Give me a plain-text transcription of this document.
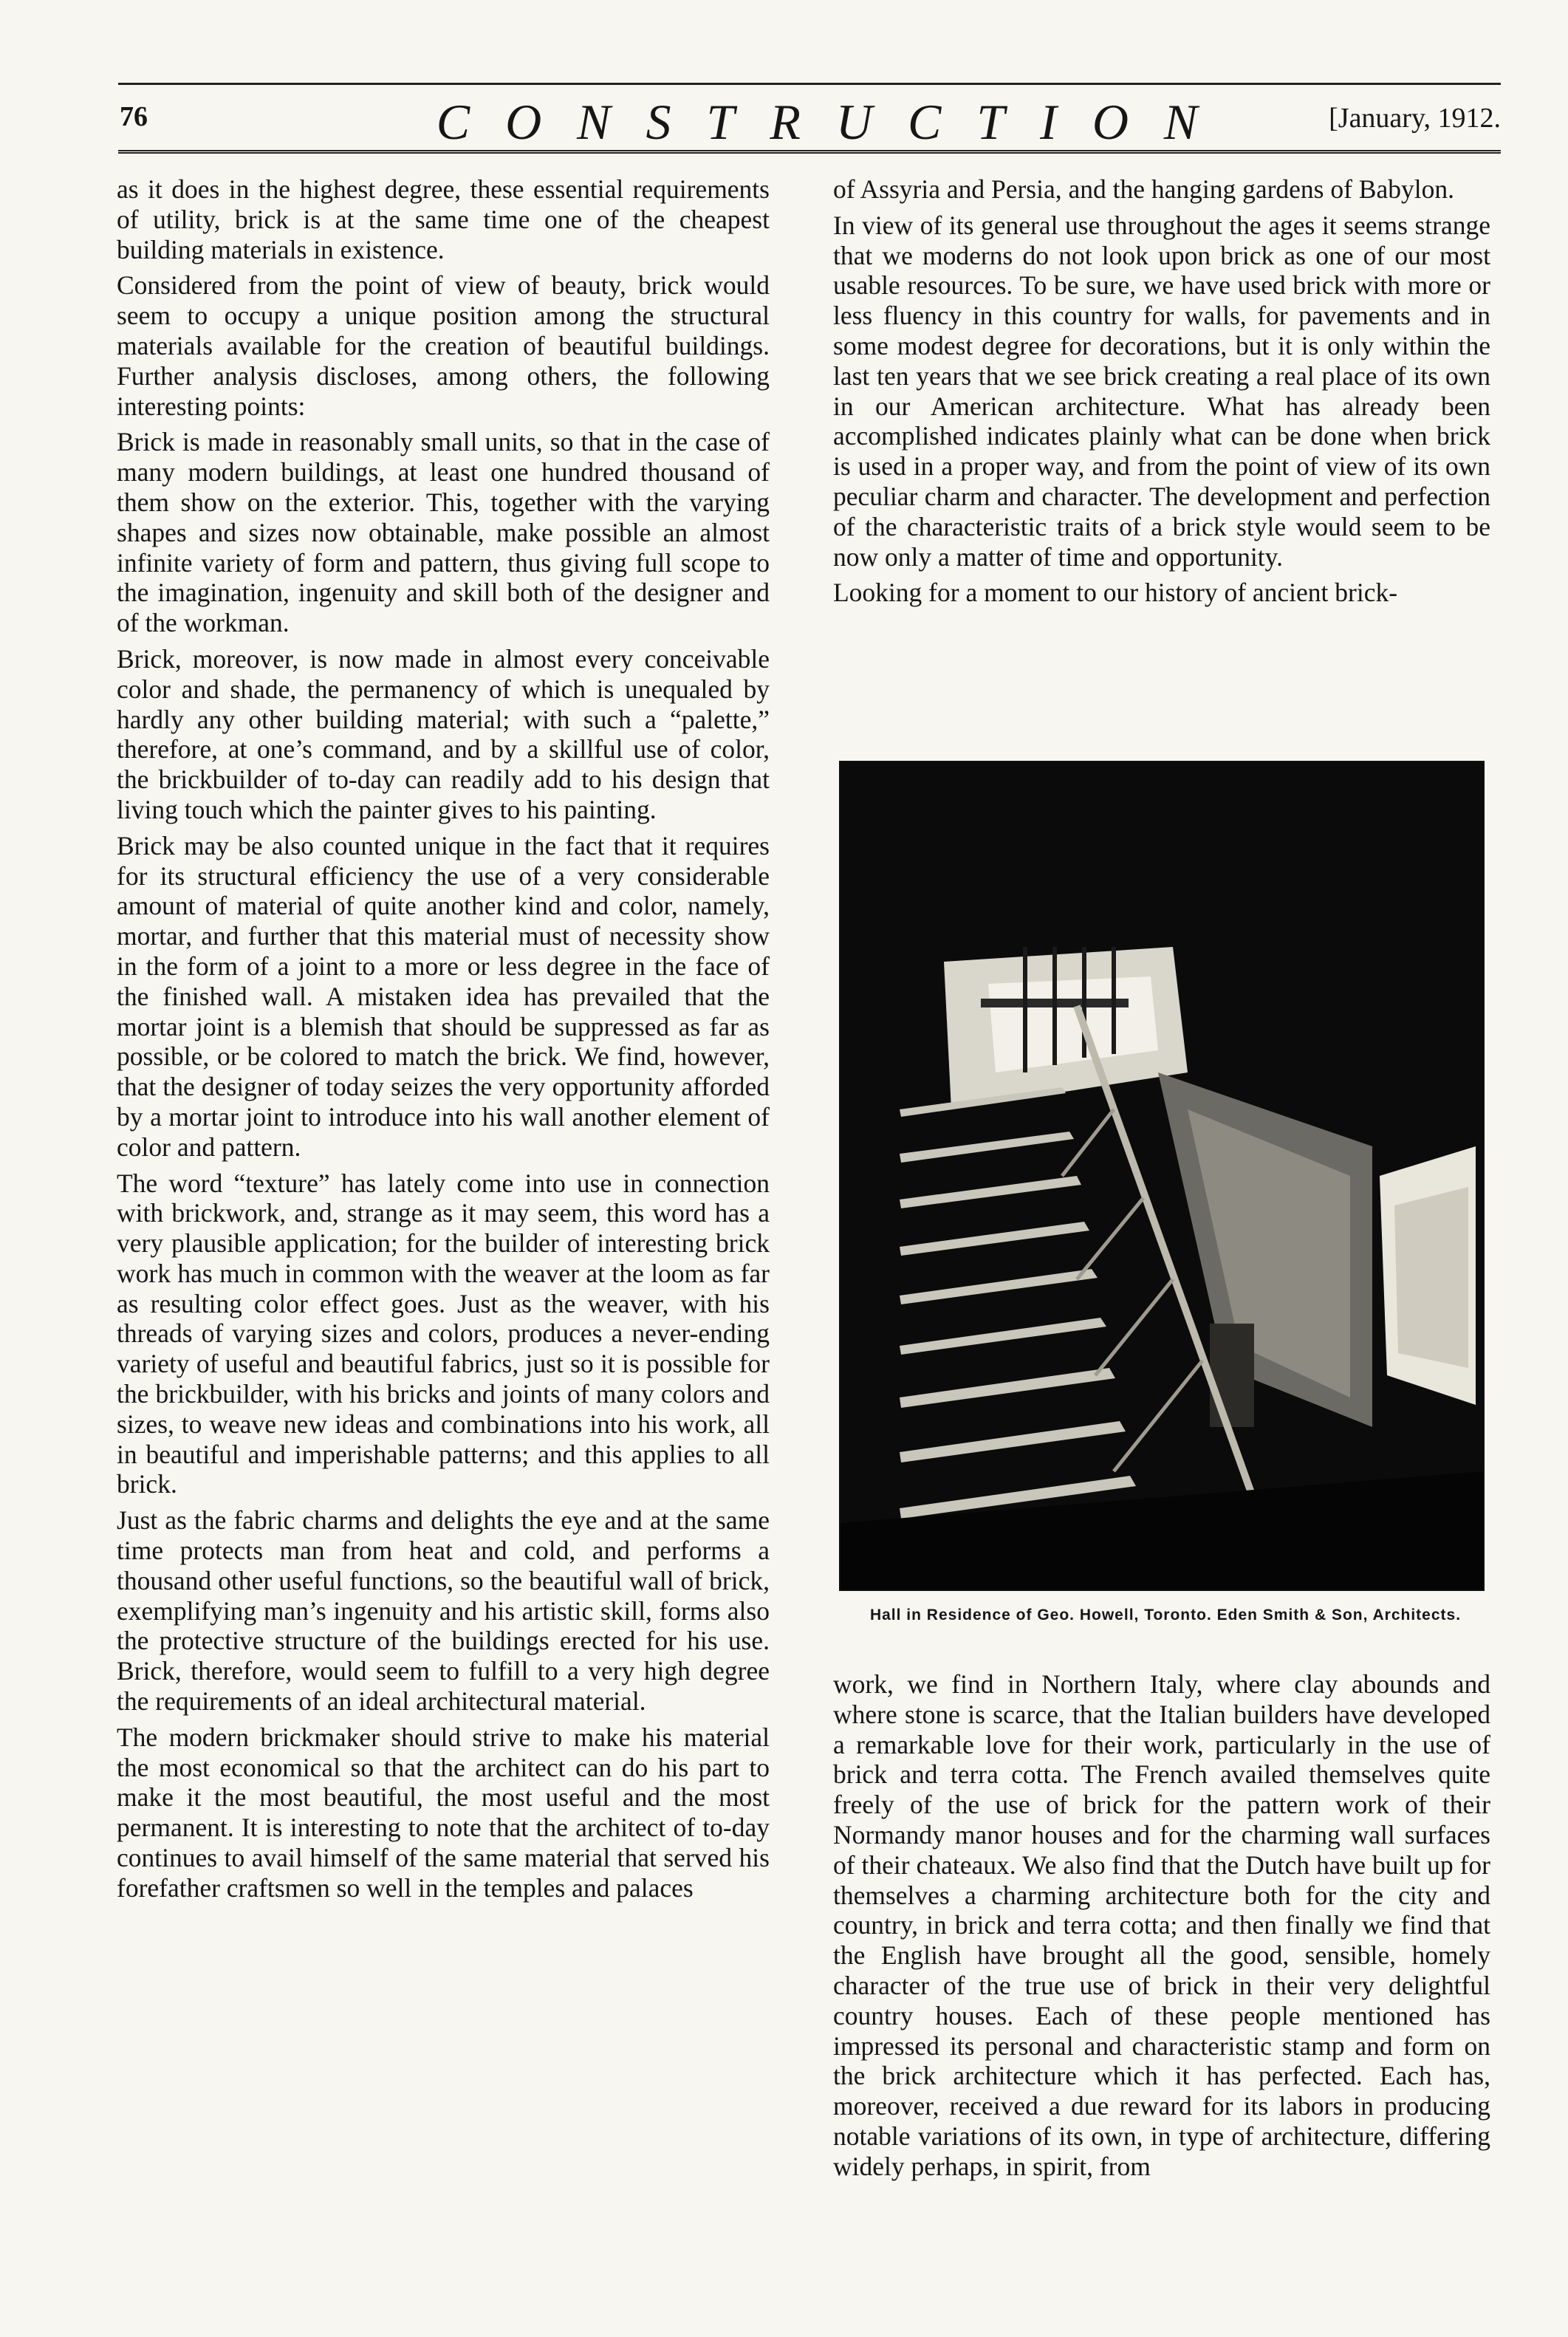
76	CONSTRUCTION	[January, 1912.

as it does in the highest degree, these essential requirements of utility, brick is at the same time one of the cheapest building materials in existence.

Considered from the point of view of beauty, brick would seem to occupy a unique position among the structural materials available for the creation of beautiful buildings. Further analysis discloses, among others, the following interesting points:

Brick is made in reasonably small units, so that in the case of many modern buildings, at least one hundred thousand of them show on the exterior. This, together with the varying shapes and sizes now obtainable, make possible an almost infinite variety of form and pattern, thus giving full scope to the imagination, ingenuity and skill both of the designer and of the workman.

Brick, moreover, is now made in almost every conceivable color and shade, the permanency of which is unequaled by hardly any other building material; with such a “palette,” therefore, at one’s command, and by a skillful use of color, the brickbuilder of to-day can readily add to his design that living touch which the painter gives to his painting.

Brick may be also counted unique in the fact that it requires for its structural efficiency the use of a very considerable amount of material of quite another kind and color, namely, mortar, and further that this material must of necessity show in the form of a joint to a more or less degree in the face of the finished wall. A mistaken idea has prevailed that the mortar joint is a blemish that should be suppressed as far as possible, or be colored to match the brick. We find, however, that the designer of today seizes the very opportunity afforded by a mortar joint to introduce into his wall another element of color and pattern.

The word “texture” has lately come into use in connection with brickwork, and, strange as it may seem, this word has a very plausible application; for the builder of interesting brick work has much in common with the weaver at the loom as far as resulting color effect goes. Just as the weaver, with his threads of varying sizes and colors, produces a never-ending variety of useful and beautiful fabrics, just so it is possible for the brickbuilder, with his bricks and joints of many colors and sizes, to weave new ideas and combinations into his work, all in beautiful and imperishable patterns; and this applies to all brick.

Just as the fabric charms and delights the eye and at the same time protects man from heat and cold, and performs a thousand other useful functions, so the beautiful wall of brick, exemplifying man’s ingenuity and his artistic skill, forms also the protective structure of the buildings erected for his use. Brick, therefore, would seem to fulfill to a very high degree the requirements of an ideal architectural material.

The modern brickmaker should strive to make his material the most economical so that the architect can do his part to make it the most beautiful, the most useful and the most permanent. It is interesting to note that the architect of to-day continues to avail himself of the same material that served his forefather craftsmen so well in the temples and palaces

of Assyria and Persia, and the hanging gardens of Babylon.

In view of its general use throughout the ages it seems strange that we moderns do not look upon brick as one of our most usable resources. To be sure, we have used brick with more or less fluency in this country for walls, for pavements and in some modest degree for decorations, but it is only within the last ten years that we see brick creating a real place of its own in our American architecture. What has already been accomplished indicates plainly what can be done when brick is used in a proper way, and from the point of view of its own peculiar charm and character. The development and perfection of the characteristic traits of a brick style would seem to be now only a matter of time and opportunity.

Looking for a moment to our history of ancient brick-

work, we find in Northern Italy, where clay abounds and where stone is scarce, that the Italian builders have developed a remarkable love for their work, particularly in the use of brick and terra cotta. The French availed themselves quite freely of the use of brick for the pattern work of their Normandy manor houses and for the charming wall surfaces of their chateaux. We also find that the Dutch have built up for themselves a charming architecture both for the city and country, in brick and terra cotta; and then finally we find that the English have brought all the good, sensible, homely character of the true use of brick in their very delightful country houses. Each of these people mentioned has impressed its personal and characteristic stamp and form on the brick architecture which it has perfected. Each has, moreover, received a due reward for its labors in producing notable variations of its own, in type of architecture, differing widely perhaps, in spirit, from

Hall in Residence of Geo. Howell, Toronto. Eden Smith & Son, Architects.
